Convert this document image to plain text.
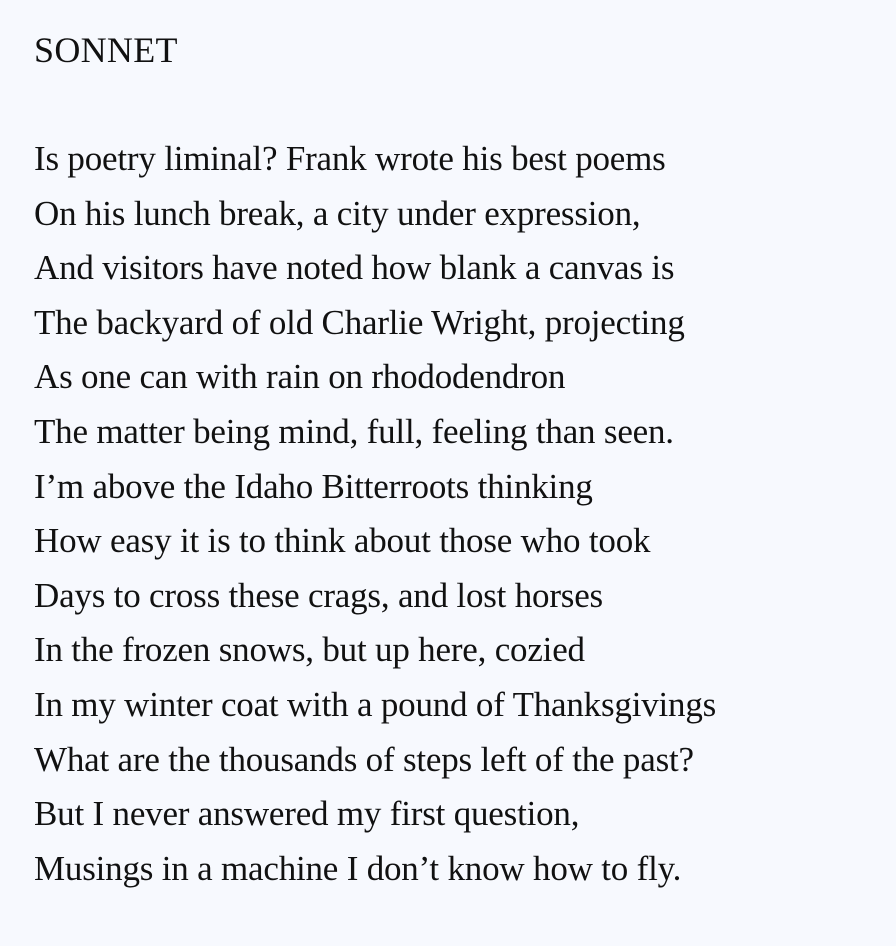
SONNET
Is poetry liminal? Frank wrote his best poems
On his lunch break, a city under expression,
And visitors have noted how blank a canvas is
The backyard of old Charlie Wright, projecting
As one can with rain on rhododendron
The matter being mind, full, feeling than seen.
I’m above the Idaho Bitterroots thinking
How easy it is to think about those who took
Days to cross these crags, and lost horses
In the frozen snows, but up here, cozied
In my winter coat with a pound of Thanksgivings
What are the thousands of steps left of the past?
But I never answered my first question,
Musings in a machine I don’t know how to fly.
